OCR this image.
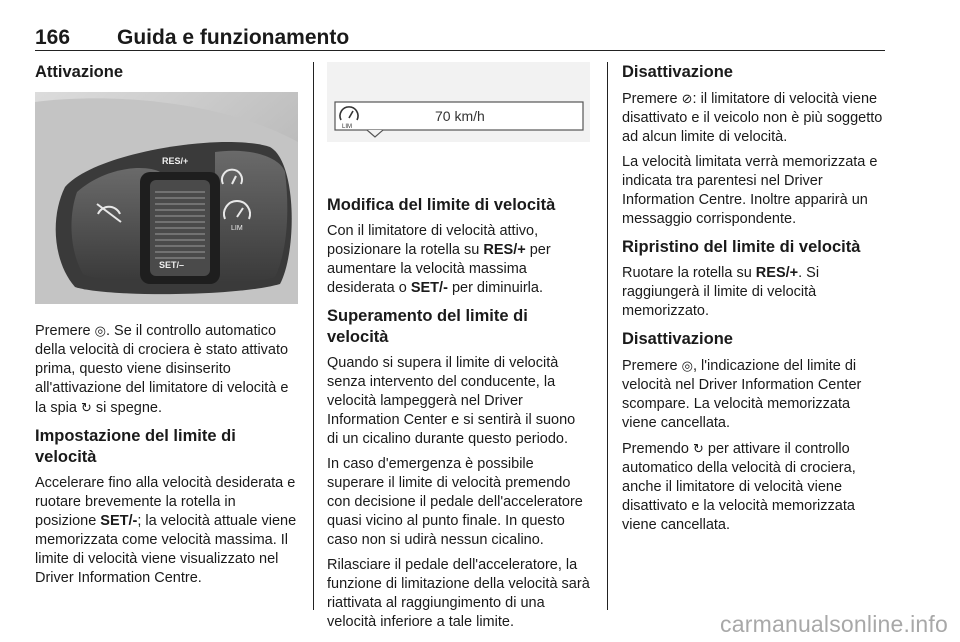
166 Guida e funzionamento
Attivazione
RES/+
SET/–
LIM

Premere ◎. Se il controllo automatico della velocità di crociera è stato attivato prima, questo viene disinserito all'attivazione del limitatore di velocità e la spia ↻ si spegne.

Impostazione del limite di velocità

Accelerare fino alla velocità desiderata e ruotare brevemente la rotella in posizione SET/-; la velocità attuale viene memorizzata come velocità massima. Il limite di velocità viene visualizzato nel Driver Information Centre.

LIM
70 km/h
Modifica del limite di velocità

Con il limitatore di velocità attivo, posizionare la rotella su RES/+ per aumentare la velocità massima desiderata o SET/- per diminuirla.

Superamento del limite di velocità

Quando si supera il limite di velocità senza intervento del conducente, la velocità lampeggerà nel Driver Information Center e si sentirà il suono di un cicalino durante questo periodo.

In caso d'emergenza è possibile superare il limite di velocità premendo con decisione il pedale dell'acceleratore quasi vicino al punto finale. In questo caso non si udirà nessun cicalino.

Rilasciare il pedale dell'acceleratore, la funzione di limitazione della velocità sarà riattivata al raggiungimento di una velocità inferiore a tale limite.

Disattivazione

Premere ⊘: il limitatore di velocità viene disattivato e il veicolo non è più soggetto ad alcun limite di velocità.

La velocità limitata verrà memorizzata e indicata tra parentesi nel Driver Information Centre. Inoltre apparirà un messaggio corrispondente.

Ripristino del limite di velocità

Ruotare la rotella su RES/+. Si raggiungerà il limite di velocità memorizzato.

Disattivazione

Premere ◎, l'indicazione del limite di velocità nel Driver Information Center scompare. La velocità memorizzata viene cancellata.

Premendo ↻ per attivare il controllo automatico della velocità di crociera, anche il limitatore di velocità viene disattivato e la velocità memorizzata viene cancellata.

carmanualsonline.info
